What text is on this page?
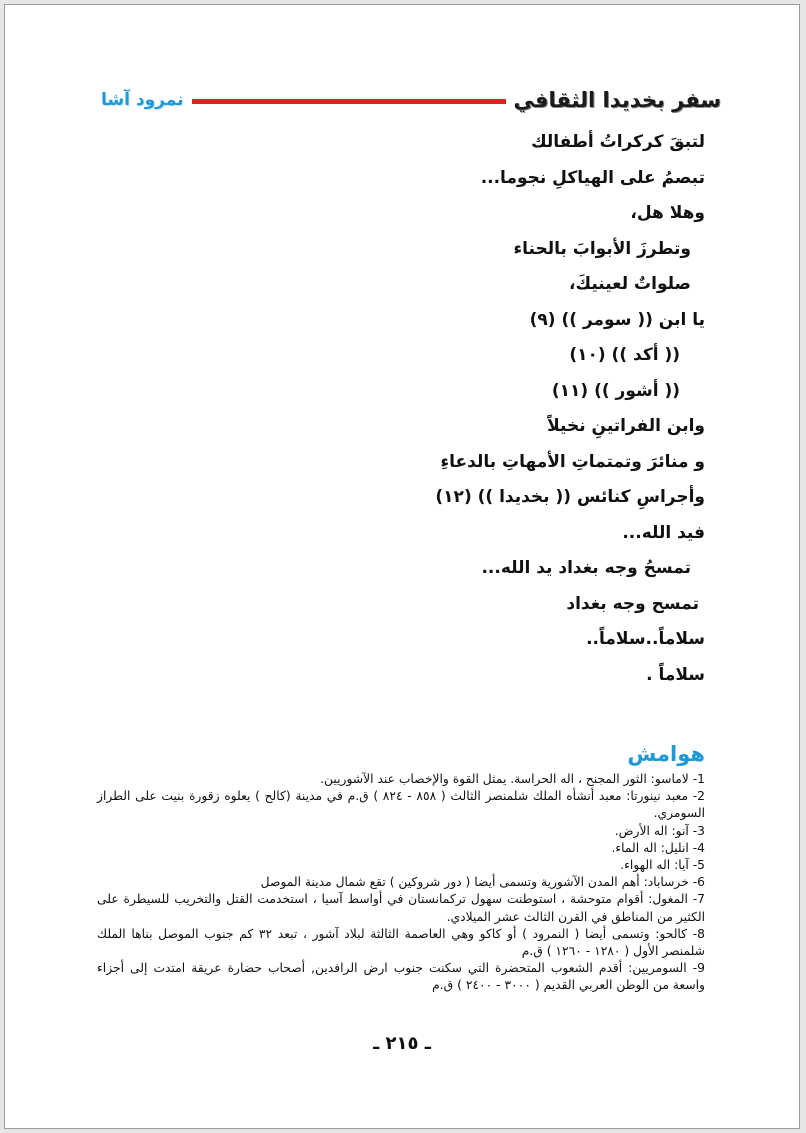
سفر بخديدا الثقافي
نمرود آشا
لتبقَ كركراتُ أطفالك
تبصمُ على الهياكلِ نجوما...
وهلا هل،
وتطرزَ الأبوابَ بالحناء
صلواتٌ لعينيكَ،
يا ابن (( سومر )) (٩)
(( أكد )) (١٠)
(( أشور )) (١١)
وابن الفراتينِ نخيلاً
و منائرَ وتمتماتِ الأمهاتِ بالدعاءِ
وأجراسِ كنائس (( بخديدا )) (١٢)
فيد الله...
تمسحُ وجه بغداد يد الله...
تمسح وجه بغداد
سلاماً..سلاماً..
سلاماً .
هوامش
1- لاماسو: الثور المجنح ، اله الحراسة. يمثل القوة والإخصاب عند الآشوريين.
2- معبد نينورتا: معبد أنشأه الملك شلمنصر الثالث ( ٨٥٨ - ٨٢٤ ) ق.م في مدينة (كالح ) يعلوه زقورة بنيت على الطراز السومري.
3- آنو: اله الأرض.
4- انليل: اله الماء.
5- آيا: اله الهواء.
6- خرساباد: أهم المدن الآشورية وتسمى أيضا ( دور شروكين ) تقع شمال مدينة الموصل
7- المغول: أقوام متوحشة ، استوطنت سهول تركمانستان في أواسط آسيا ، استخدمت القتل والتخريب للسيطرة على الكثير من المناطق في القرن الثالث عشر الميلادي.
8- كالحو: وتسمى أيضا ( النمرود ) أو كاكو وهي العاصمة الثالثة لبلاد آشور ، تبعد ٣٢ كم جنوب الموصل بناها الملك شلمنصر الأول ( ١٢٨٠ - ١٢٦٠ ) ق.م
9- السومريين: أقدم الشعوب المتحضرة التي سكنت جنوب ارض الرافدين, أصحاب حضارة عريقة امتدت إلى أجزاء واسعة من الوطن العربي القديم ( ٣٠٠٠ - ٢٤٠٠ ) ق.م
ـ ٢١٥ ـ
